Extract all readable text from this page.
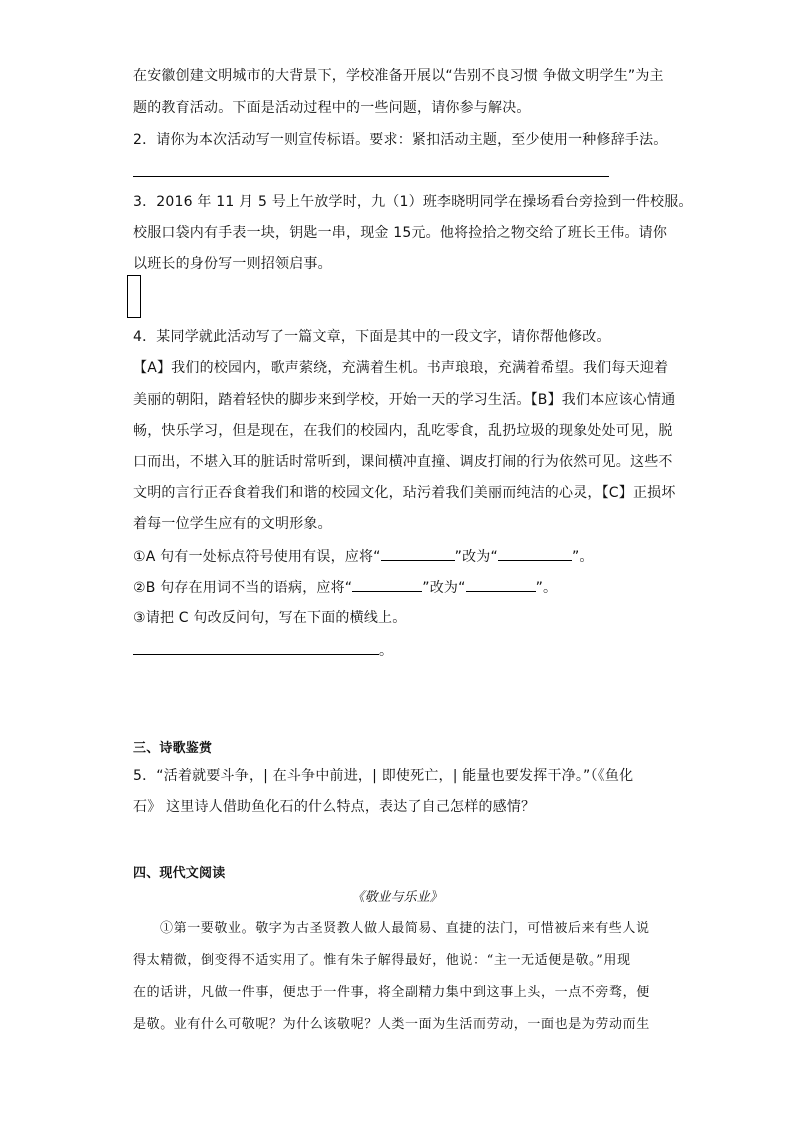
在安徽创建文明城市的大背景下，学校准备开展以“告别不良习惯 争做文明学生”为主
题的教育活动。下面是活动过程中的一些问题，请你参与解决。
2．请你为本次活动写一则宣传标语。要求：紧扣活动主题，至少使用一种修辞手法。
3．2016 年 11 月 5 号上午放学时，九（1）班李晓明同学在操场看台旁捡到一件校服。
校服口袋内有手表一块，钥匙一串，现金 15元。他将捡拾之物交给了班长王伟。请你
以班长的身份写一则招领启事。
4．某同学就此活动写了一篇文章，下面是其中的一段文字，请你帮他修改。
【A】我们的校园内，歌声萦绕，充满着生机。书声琅琅，充满着希望。我们每天迎着
美丽的朝阳，踏着轻快的脚步来到学校，开始一天的学习生活。【B】我们本应该心情通
畅，快乐学习，但是现在，在我们的校园内，乱吃零食，乱扔垃圾的现象处处可见，脱
口而出，不堪入耳的脏话时常听到，课间横冲直撞、调皮打闹的行为依然可见。这些不
文明的言行正吞食着我们和谐的校园文化，玷污着我们美丽而纯洁的心灵，【C】正损坏
着每一位学生应有的文明形象。
①A 句有一处标点符号使用有误，应将“	”改为“	”。
②B 句存在用词不当的语病，应将“	”改为“	”。
③请把 C 句改反问句，写在下面的横线上。
。
三、诗歌鉴赏
5．“活着就要斗争，| 在斗争中前进，| 即使死亡，| 能量也要发挥干净。”（《鱼化
石》 这里诗人借助鱼化石的什么特点，表达了自己怎样的感情？
四、现代文阅读
《敬业与乐业》
①第一要敬业。敬字为古圣贤教人做人最简易、直捷的法门，可惜被后来有些人说
得太精微，倒变得不适实用了。惟有朱子解得最好，他说：“主一无适便是敬。”用现
在的话讲，凡做一件事，便忠于一件事，将全副精力集中到这事上头，一点不旁骛，便
是敬。业有什么可敬呢？为什么该敬呢？人类一面为生活而劳动，一面也是为劳动而生
